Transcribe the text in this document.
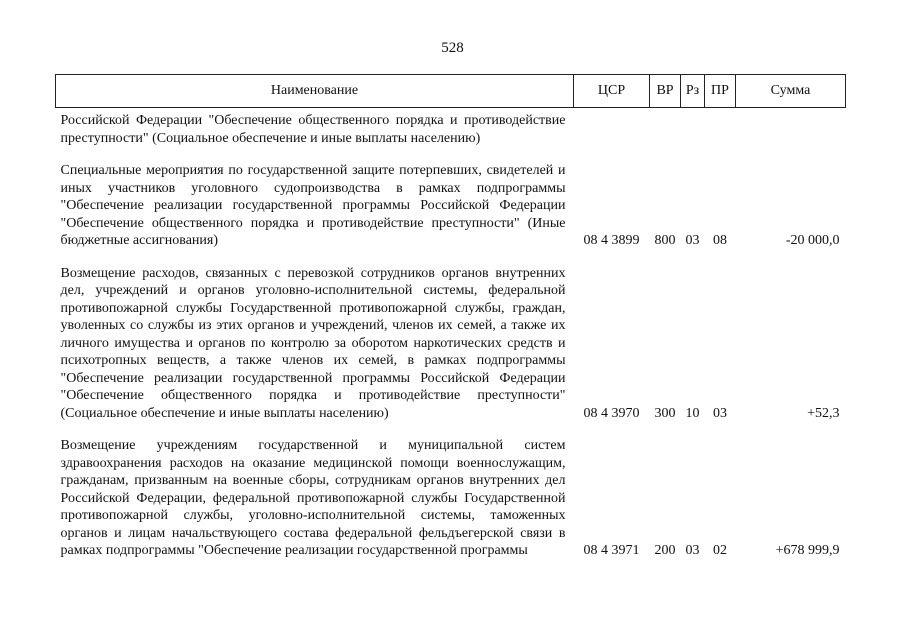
528
Наименование	ЦСР	ВР	Рз	ПР	Сумма

Российской Федерации "Обеспечение общественного порядка и противодействие преступности" (Социальное обеспечение и иные выплаты населению)					

Специальные мероприятия по государственной защите потерпевших, свидетелей и иных участников уголовного судопроизводства в рамках подпрограммы "Обеспечение реализации государственной программы Российской Федерации "Обеспечение общественного порядка и противодействие преступности" (Иные бюджетные ассигнования)	08 4 3899	800	03	08	-20 000,0

Возмещение расходов, связанных с перевозкой сотрудников органов внутренних дел, учреждений и органов уголовно-исполнительной системы, федеральной противопожарной службы Государственной противопожарной службы, граждан, уволенных со службы из этих органов и учреждений, членов их семей, а также их личного имущества и органов по контролю за оборотом наркотических средств и психотропных веществ, а также членов их семей, в рамках подпрограммы "Обеспечение реализации государственной программы Российской Федерации "Обеспечение общественного порядка и противодействие преступности" (Социальное обеспечение и иные выплаты населению)	08 4 3970	300	10	03	+52,3

Возмещение учреждениям государственной и муниципальной систем здравоохранения расходов на оказание медицинской помощи военнослужащим, гражданам, призванным на военные сборы, сотрудникам органов внутренних дел Российской Федерации, федеральной противопожарной службы Государственной противопожарной службы, уголовно-исполнительной системы, таможенных органов и лицам начальствующего состава федеральной фельдъегерской связи в рамках подпрограммы "Обеспечение реализации государственной программы	08 4 3971	200	03	02	+678 999,9
